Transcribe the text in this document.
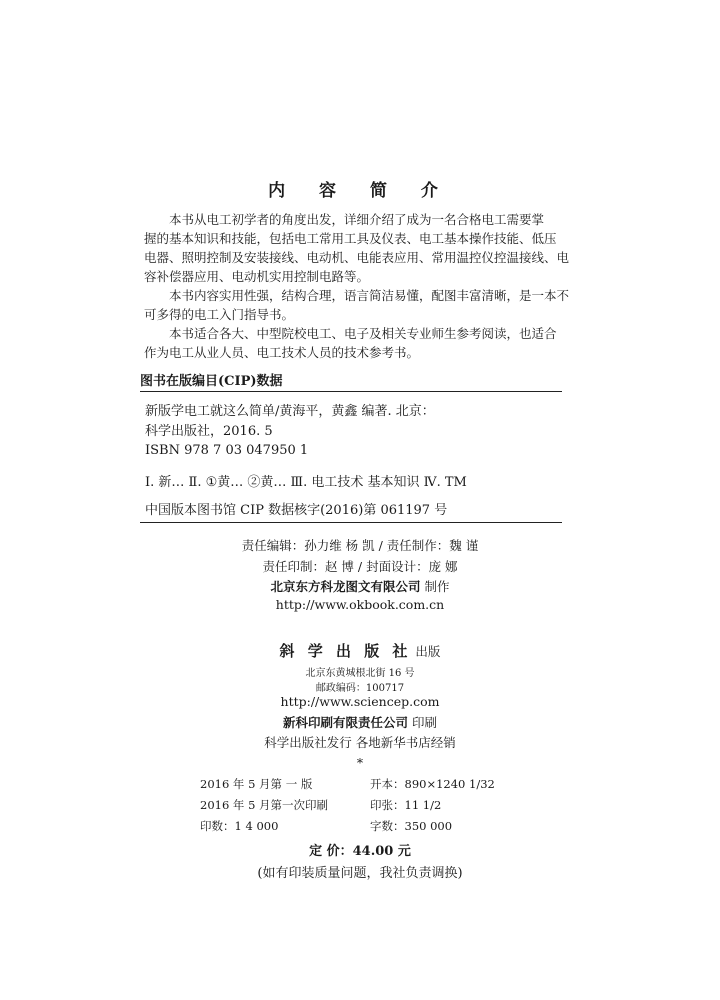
内 容 简 介

本书从电工初学者的角度出发，详细介绍了成为一名合格电工需要掌

握的基本知识和技能，包括电工常用工具及仪表、电工基本操作技能、低压

电器、照明控制及安装接线、电动机、电能表应用、常用温控仪控温接线、电

容补偿器应用、电动机实用控制电路等。

本书内容实用性强，结构合理，语言简洁易懂，配图丰富清晰，是一本不

可多得的电工入门指导书。

本书适合各大、中型院校电工、电子及相关专业师生参考阅读，也适合

作为电工从业人员、电工技术人员的技术参考书。

图书在版编目(CIP)数据
新版学电工就这么简单/黄海平，黄鑫 编著. 北京：
科学出版社，2016. 5
ISBN 978 7 03 047950 1
Ⅰ. 新… Ⅱ. ①黄… ②黄… Ⅲ. 电工技术 基本知识 Ⅳ. TM
中国版本图书馆 CIP 数据核字(2016)第 061197 号
责任编辑：孙力维 杨 凯 / 责任制作：魏 谨
责任印制：赵 博 / 封面设计：庞 娜
北京东方科龙图文有限公司 制作
http://www.okbook.com.cn
斜 学 出 版 社 出版
北京东黄城根北街 16 号
邮政编码：100717
http://www.sciencep.com
新科印刷有限责任公司 印刷
科学出版社发行 各地新华书店经销
*
2016 年 5 月第 一 版	开本：890×1240 1/32
2016 年 5 月第一次印刷	印张：11 1/2
印数：1 4 000	字数：350 000
定 价：44.00 元
(如有印装质量问题，我社负责调换)
